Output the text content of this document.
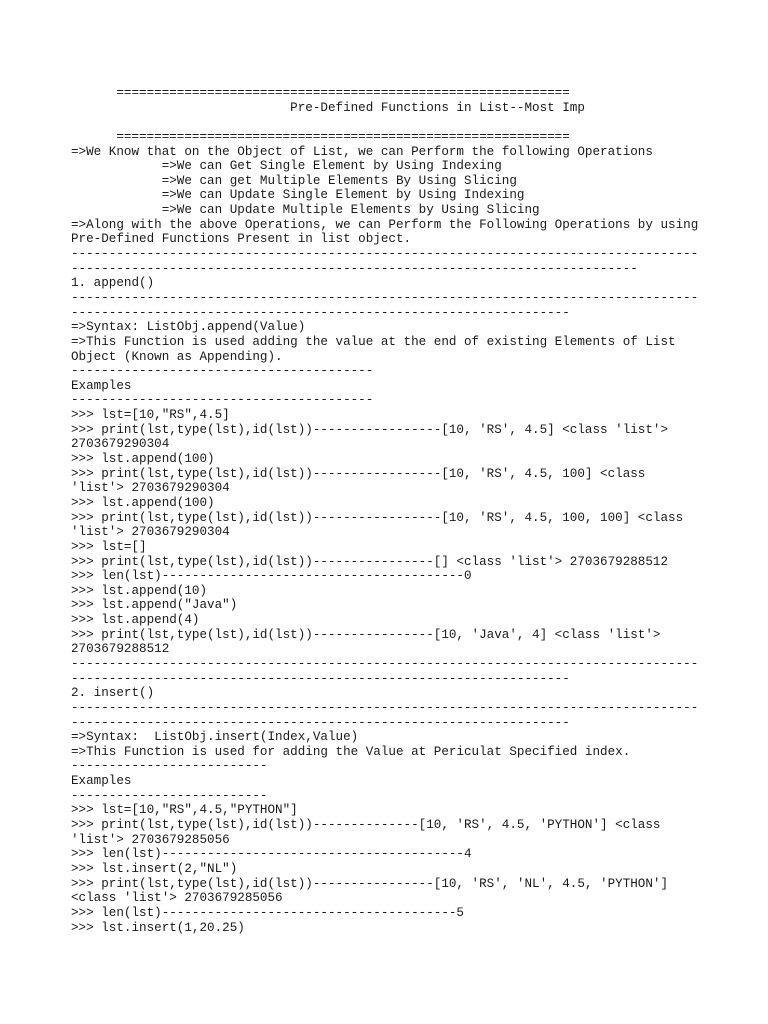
============================================================
Pre-Defined Functions in List--Most Imp
============================================================
=>We Know that on the Object of List, we can Perform the following Operations
=>We can Get Single Element by Using Indexing
=>We can get Multiple Elements By Using Slicing
=>We can Update Single Element by Using Indexing
=>We can Update Multiple Elements by Using Slicing
=>Along with the above Operations, we can Perform the Following Operations by using
Pre-Defined Functions Present in list object.
-----------------------------------------------------------------------------------
---------------------------------------------------------------------------
1. append()
-----------------------------------------------------------------------------------
------------------------------------------------------------------
=>Syntax: ListObj.append(Value)
=>This Function is used adding the value at the end of existing Elements of List
Object (Known as Appending).
----------------------------------------
Examples
----------------------------------------
>>> lst=[10,"RS",4.5]
>>> print(lst,type(lst),id(lst))-----------------[10, 'RS', 4.5] <class 'list'>
2703679290304
>>> lst.append(100)
>>> print(lst,type(lst),id(lst))-----------------[10, 'RS', 4.5, 100] <class
'list'> 2703679290304
>>> lst.append(100)
>>> print(lst,type(lst),id(lst))-----------------[10, 'RS', 4.5, 100, 100] <class
'list'> 2703679290304
>>> lst=[]
>>> print(lst,type(lst),id(lst))----------------[] <class 'list'> 2703679288512
>>> len(lst)----------------------------------------0
>>> lst.append(10)
>>> lst.append("Java")
>>> lst.append(4)
>>> print(lst,type(lst),id(lst))----------------[10, 'Java', 4] <class 'list'>
2703679288512
-----------------------------------------------------------------------------------
------------------------------------------------------------------
2. insert()
-----------------------------------------------------------------------------------
------------------------------------------------------------------
=>Syntax:  ListObj.insert(Index,Value)
=>This Function is used for adding the Value at Periculat Specified index.
--------------------------
Examples
--------------------------
>>> lst=[10,"RS",4.5,"PYTHON"]
>>> print(lst,type(lst),id(lst))--------------[10, 'RS', 4.5, 'PYTHON'] <class
'list'> 2703679285056
>>> len(lst)----------------------------------------4
>>> lst.insert(2,"NL")
>>> print(lst,type(lst),id(lst))----------------[10, 'RS', 'NL', 4.5, 'PYTHON']
<class 'list'> 2703679285056
>>> len(lst)---------------------------------------5
>>> lst.insert(1,20.25)
